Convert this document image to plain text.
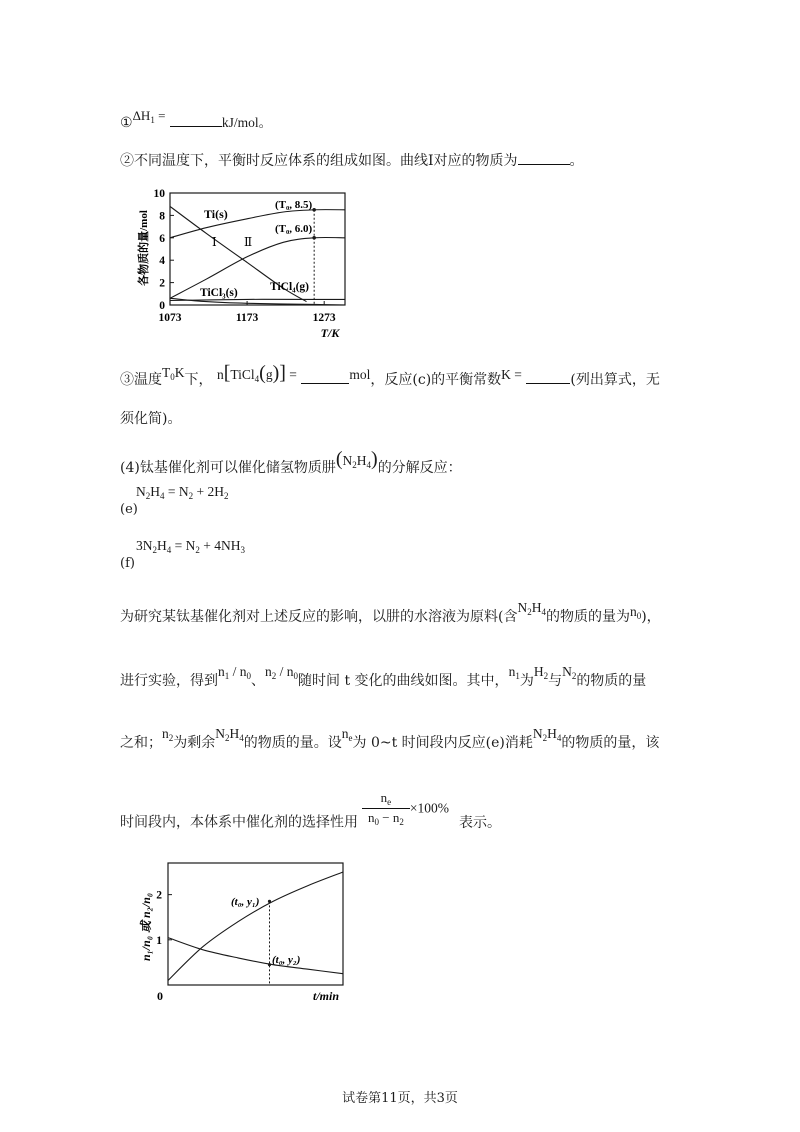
$①\Delta H_1$ =	kJ/mol。
②不同温度下，平衡时反应体系的组成如图。曲线Ⅰ对应的物质为	。
10
8
6
4
2
0
1073	1173	1273
各物质的量/mol
T/K
Ti(s)
(T₀, 8.5)
(T₀, 6.0)
Ⅰ Ⅱ
TiCl₄(g)
TiCl₃(s)
③温度$T_0K$下， n[TiCl$_4$(g)] =	mol，反应(c)的平衡常数K =	(列出算式，无
须化简)。
(4)钛基催化剂可以催化储氢物质肼$(N_2H_4)$的分解反应：
$N_2H_4 = N_2 + 2H_2$
(e)
$3N_2H_4 = N_2 + 4NH_3$
(f)
为研究某钛基催化剂对上述反应的影响，以肼的水溶液为原料(含$N_2H_4$的物质的量为$n_0$)，
进行实验，得到$n_1 / n_0$、$n_2 / n_0$随时间 t 变化的曲线如图。其中，$n_1$为$H_2$与$N_2$的物质的量
之和；$n_2$为剩余$N_2H_4$的物质的量。设$n_e$为 0~t 时间段内反应(e)消耗$N_2H_4$的物质的量，该
时间段内，本体系中催化剂的选择性用 $\frac{n_e}{n_0 - n_2} \times 100\%$表示。
2
1
n₁/n₀ 或 n₂/n₀
0	t/min
(t₀, y₁)
(t₀, y₂)
试卷第11页，共3页
